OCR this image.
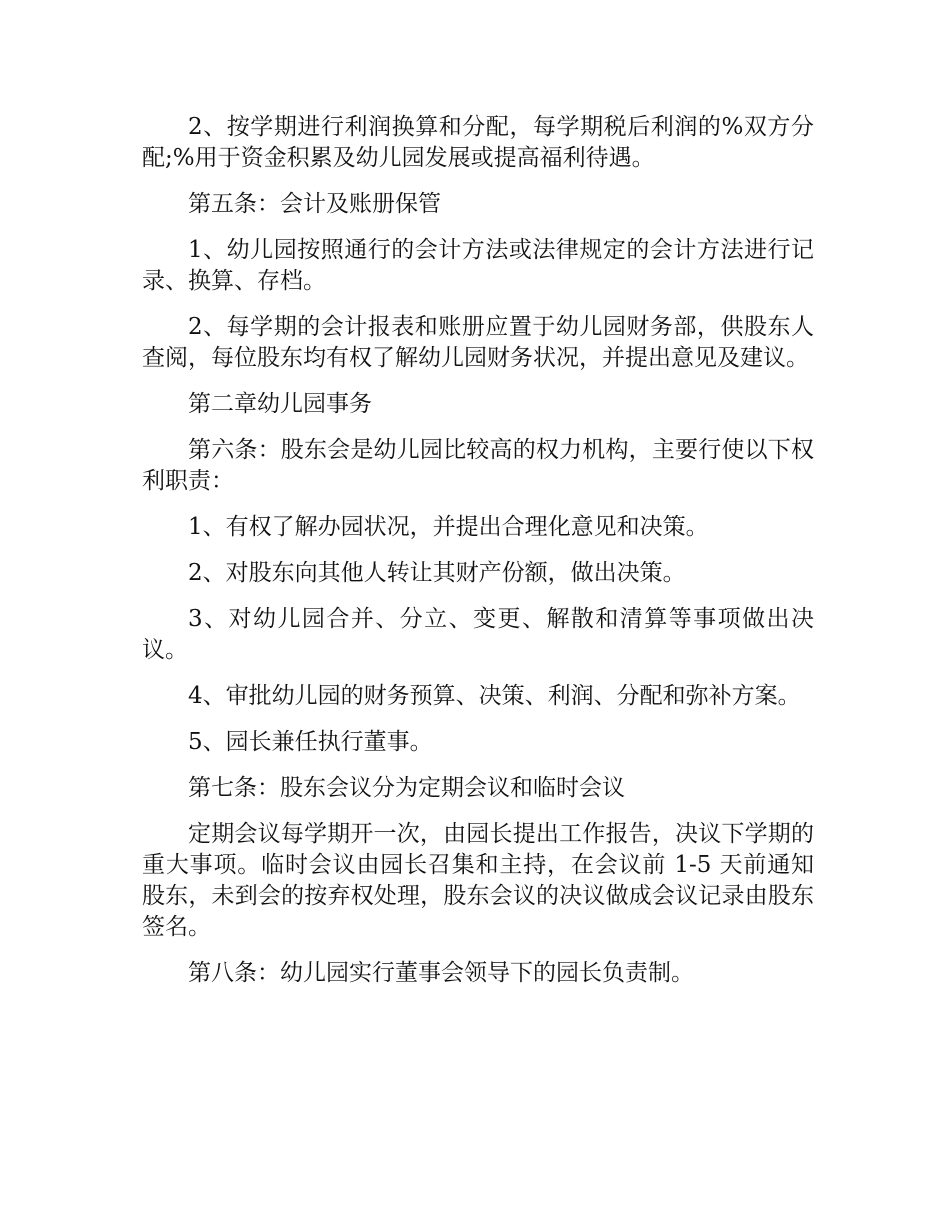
2、按学期进行利润换算和分配，每学期税后利润的%双方分配;%用于资金积累及幼儿园发展或提高福利待遇。

第五条：会计及账册保管

1、幼儿园按照通行的会计方法或法律规定的会计方法进行记录、换算、存档。

2、每学期的会计报表和账册应置于幼儿园财务部，供股东人查阅，每位股东均有权了解幼儿园财务状况，并提出意见及建议。

第二章幼儿园事务

第六条：股东会是幼儿园比较高的权力机构，主要行使以下权利职责：

1、有权了解办园状况，并提出合理化意见和决策。

2、对股东向其他人转让其财产份额，做出决策。

3、对幼儿园合并、分立、变更、解散和清算等事项做出决议。

4、审批幼儿园的财务预算、决策、利润、分配和弥补方案。

5、园长兼任执行董事。

第七条：股东会议分为定期会议和临时会议

定期会议每学期开一次，由园长提出工作报告，决议下学期的重大事项。临时会议由园长召集和主持，在会议前 1-5 天前通知股东，未到会的按弃权处理，股东会议的决议做成会议记录由股东签名。

第八条：幼儿园实行董事会领导下的园长负责制。
